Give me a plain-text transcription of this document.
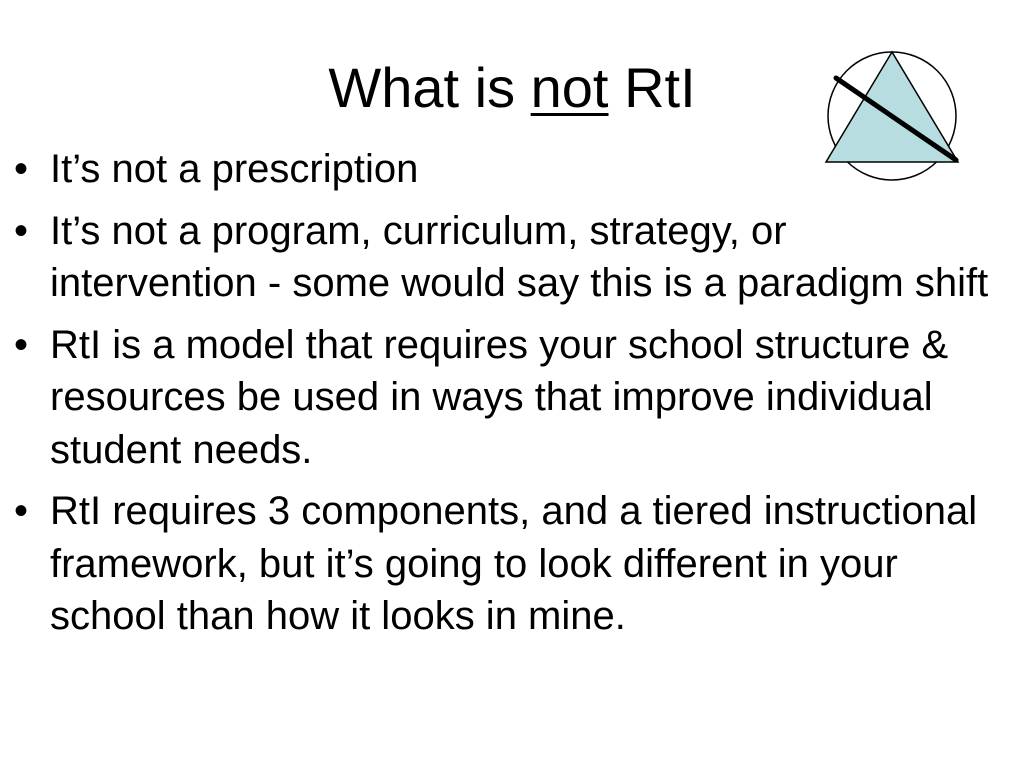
What is not RtI
• It’s not a prescription
• It’s not a program, curriculum, strategy, or intervention - some would say this is a paradigm shift
• RtI is a model that requires your school structure & resources be used in ways that improve individual student needs.
• RtI requires 3 components, and a tiered instructional framework, but it’s going to look different in your school than how it looks in mine.
